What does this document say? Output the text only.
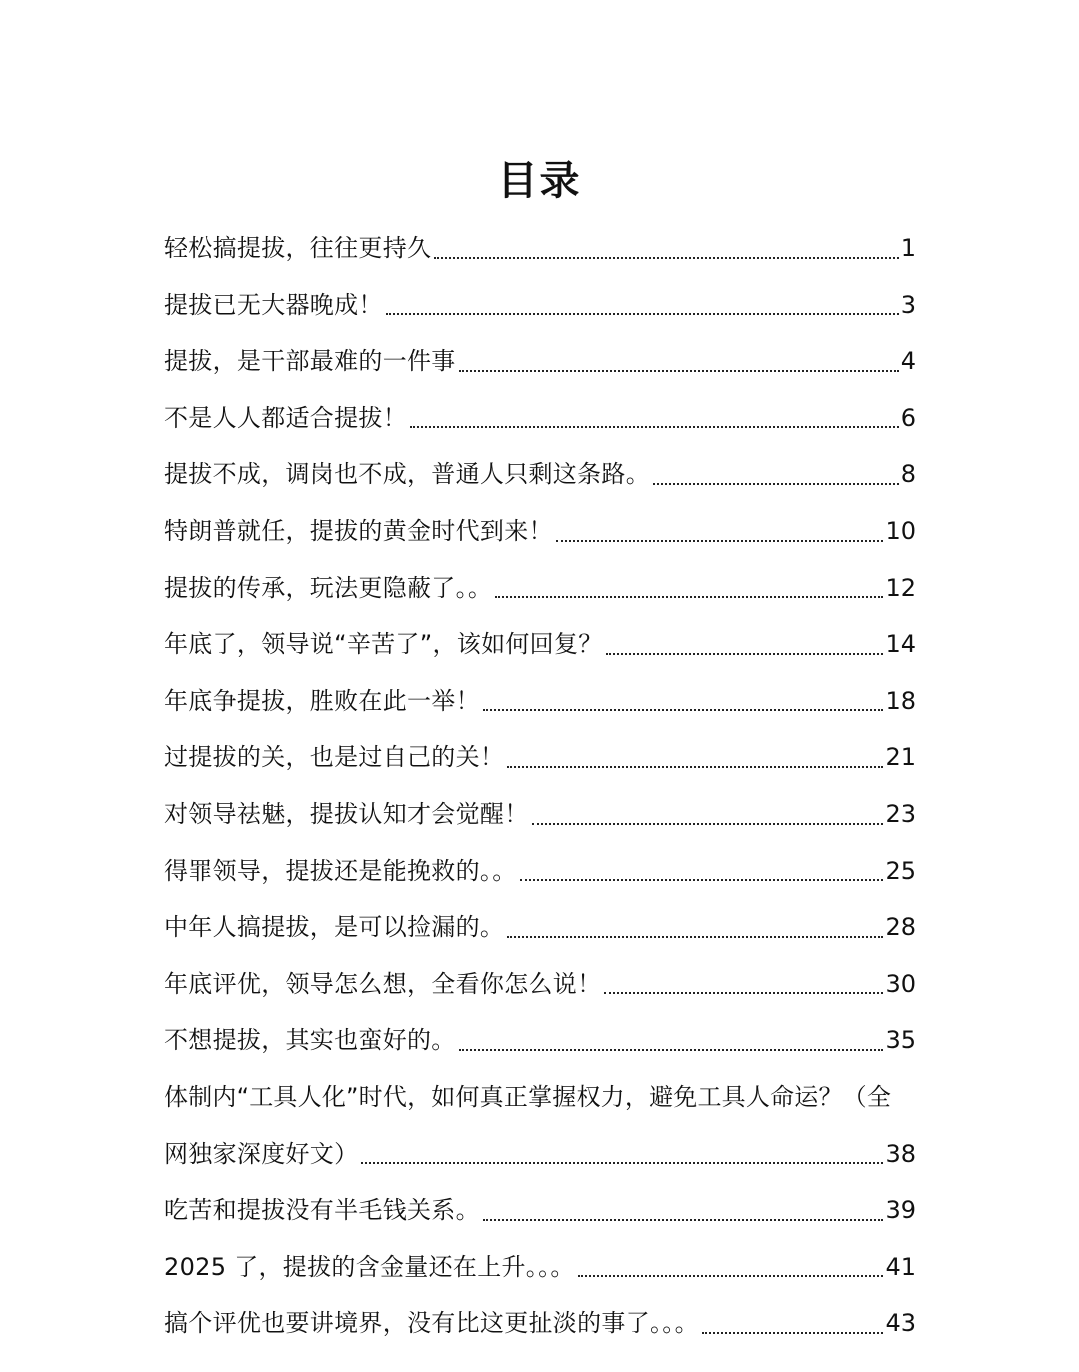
目录
轻松搞提拔，往往更持久	1
提拔已无大器晚成！	3
提拔，是干部最难的一件事	4
不是人人都适合提拔！	6
提拔不成，调岗也不成，普通人只剩这条路。	8
特朗普就任，提拔的黄金时代到来！	10
提拔的传承，玩法更隐蔽了。。	12
年底了，领导说“辛苦了”，该如何回复？	14
年底争提拔，胜败在此一举！	18
过提拔的关，也是过自己的关！	21
对领导祛魅，提拔认知才会觉醒！	23
得罪领导，提拔还是能挽救的。。	25
中年人搞提拔，是可以捡漏的。	28
年底评优，领导怎么想，全看你怎么说！	30
不想提拔，其实也蛮好的。	35
体制内“工具人化”时代，如何真正掌握权力，避免工具人命运？（全
网独家深度好文）	38
吃苦和提拔没有半毛钱关系。	39
2025 了，提拔的含金量还在上升。。。	41
搞个评优也要讲境界，没有比这更扯淡的事了。。。	43
